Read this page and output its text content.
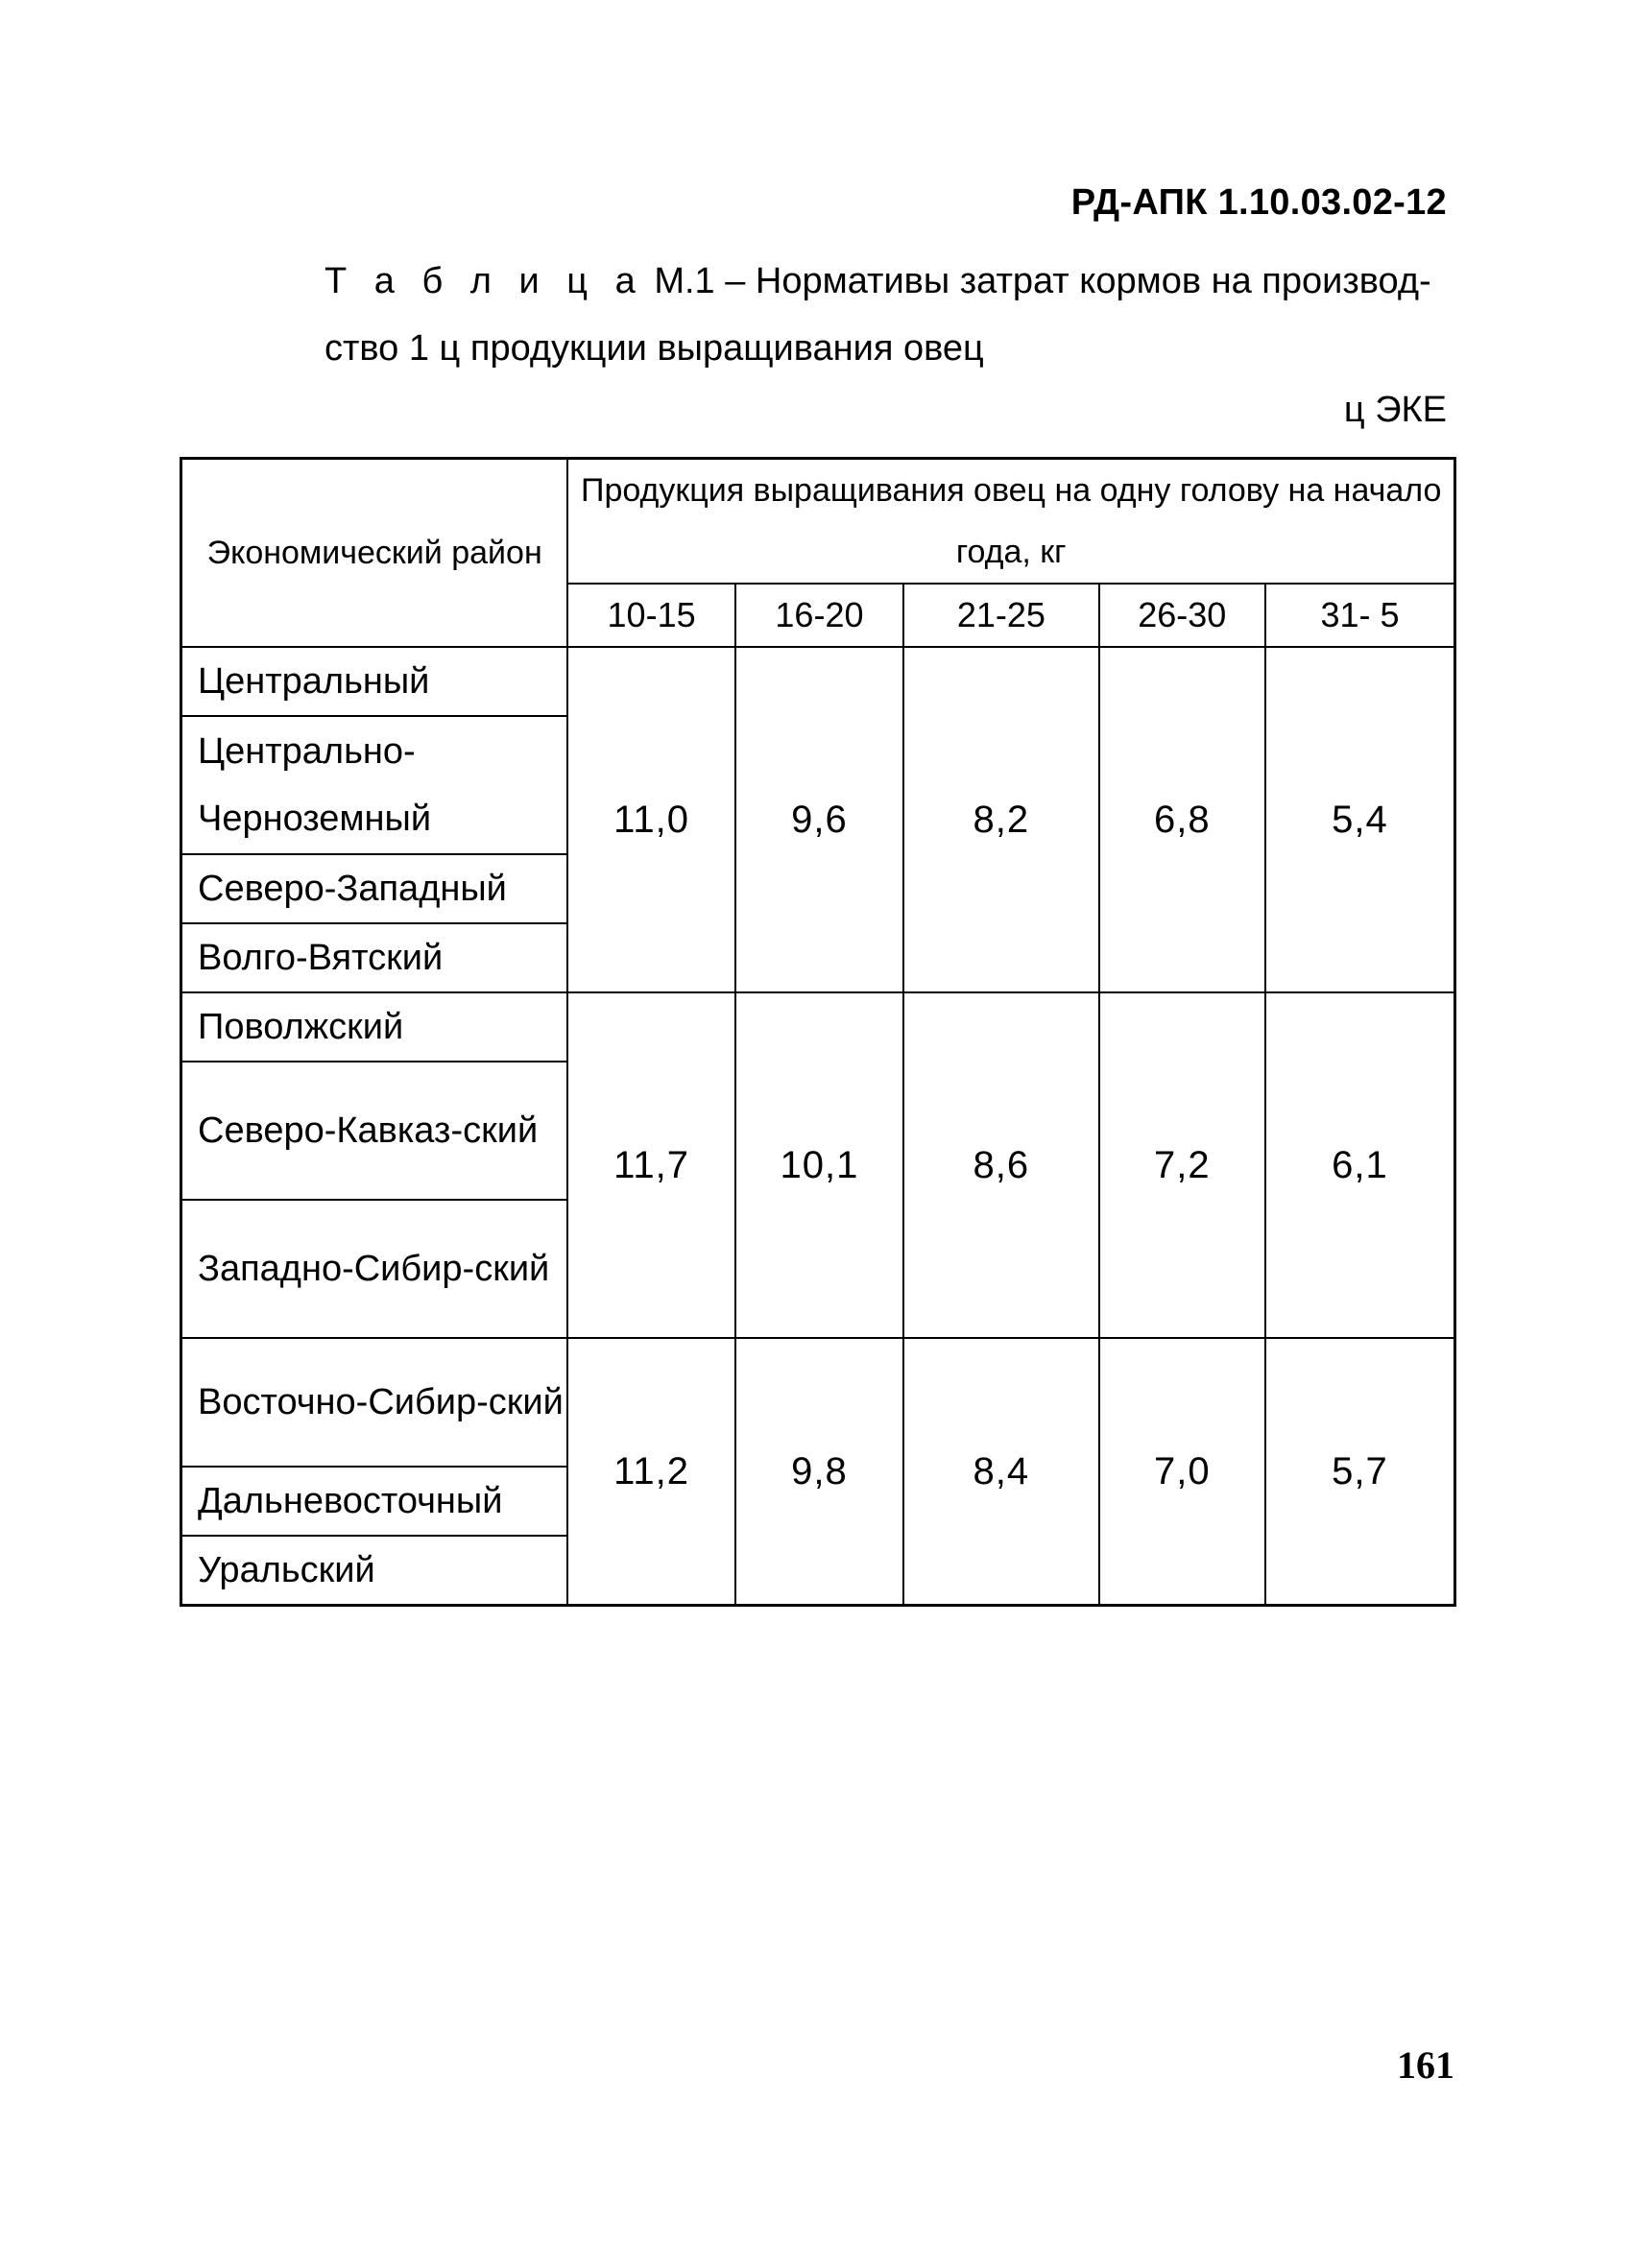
РД-АПК 1.10.03.02-12
Т а б л и ц а М.1 – Нормативы затрат кормов на производ-ство 1 ц продукции выращивания овец
ц ЭКЕ
Экономический район	Продукция выращивания овец на одну голову на начало года, кг				
	10-15	16-20	21-25	26-30	31- 5
Центральный	11,0	9,6	8,2	6,8	5,4
Центрально-Черноземный					
Северо-Западный					
Волго-Вятский					
Поволжский	11,7	10,1	8,6	7,2	6,1
Северо-Кавказ-ский					
Западно-Сибир-ский					
Восточно-Сибир-ский	11,2	9,8	8,4	7,0	5,7
Дальневосточный					
Уральский					
161
